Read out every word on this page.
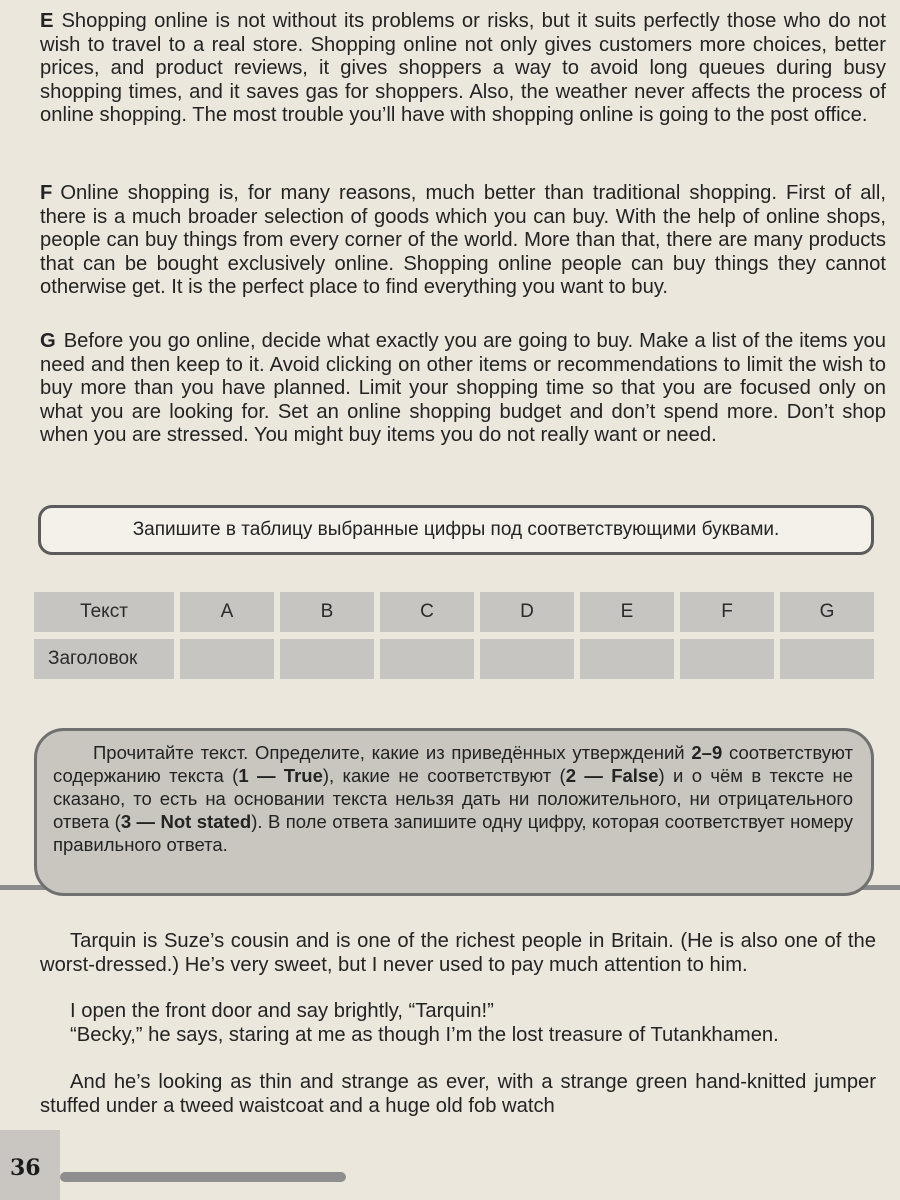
E Shopping online is not without its problems or risks, but it suits perfectly those who do not wish to travel to a real store. Shopping online not only gives customers more choices, better prices, and product reviews, it gives shoppers a way to avoid long queues during busy shopping times, and it saves gas for shoppers. Also, the weather never affects the process of online shopping. The most trouble you’ll have with shopping online is going to the post office.

F Online shopping is, for many reasons, much better than traditional shopping. First of all, there is a much broader selection of goods which you can buy. With the help of online shops, people can buy things from every corner of the world. More than that, there are many products that can be bought exclusively online. Shopping online people can buy things they cannot otherwise get. It is the perfect place to find everything you want to buy.

G Before you go online, decide what exactly you are going to buy. Make a list of the items you need and then keep to it. Avoid clicking on other items or recommendations to limit the wish to buy more than you have planned. Limit your shopping time so that you are focused only on what you are looking for. Set an online shopping budget and don’t spend more. Don’t shop when you are stressed. You might buy items you do not really want or need.

Запишите в таблицу выбранные цифры под соответствующими буквами.
Текст	A	B	C	D	E	F	G
Заголовок

Прочитайте текст. Определите, какие из приведённых утверждений 2–9 соответствуют содержанию текста (1 — True), какие не соответствуют (2 — False) и о чём в тексте не сказано, то есть на основании текста нельзя дать ни положительного, ни отрицательного ответа (3 — Not stated). В поле ответа запишите одну цифру, которая соответствует номеру правильного ответа.

Tarquin is Suze’s cousin and is one of the richest people in Britain. (He is also one of the worst-dressed.) He’s very sweet, but I never used to pay much attention to him.

I open the front door and say brightly, “Tarquin!”

“Becky,” he says, staring at me as though I’m the lost treasure of Tutankhamen.

And he’s looking as thin and strange as ever, with a strange green hand-knitted jumper stuffed under a tweed waistcoat and a huge old fob watch

36
